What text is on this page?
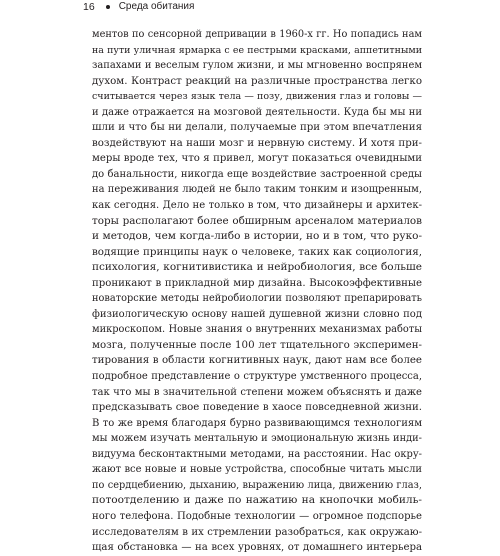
16 Среда обитания
ментов по сенсорной депривации в 1960-х гг. Но попадись нам
на пути уличная ярмарка с ее пестрыми красками, аппетитными
запахами и веселым гулом жизни, и мы мгновенно воспрянем
духом. Контраст реакций на различные пространства легко
считывается через язык тела — позу, движения глаз и головы —
и даже отражается на мозговой деятельности. Куда бы мы ни
шли и что бы ни делали, получаемые при этом впечатления
воздействуют на наши мозг и нервную систему. И хотя при-
меры вроде тех, что я привел, могут показаться очевидными
до банальности, никогда еще воздействие застроенной среды
на переживания людей не было таким тонким и изощренным,
как сегодня. Дело не только в том, что дизайнеры и архитек-
торы располагают более обширным арсеналом материалов
и методов, чем когда-либо в истории, но и в том, что руко-
водящие принципы наук о человеке, таких как социология,
психология, когнитивистика и нейробиология, все больше
проникают в прикладной мир дизайна. Высокоэффективные
новаторские методы нейробиологии позволяют препарировать
физиологическую основу нашей душевной жизни словно под
микроскопом. Новые знания о внутренних механизмах работы
мозга, полученные после 100 лет тщательного эксперимен-
тирования в области когнитивных наук, дают нам все более
подробное представление о структуре умственного процесса,
так что мы в значительной степени можем объяснять и даже
предсказывать свое поведение в хаосе повседневной жизни.
В то же время благодаря бурно развивающимся технологиям
мы можем изучать ментальную и эмоциональную жизнь инди-
видуума бесконтактными методами, на расстоянии. Нас окру-
жают все новые и новые устройства, способные читать мысли
по сердцебиению, дыханию, выражению лица, движению глаз,
потоотделению и даже по нажатию на кнопочки мобиль-
ного телефона. Подобные технологии — огромное подспорье
исследователям в их стремлении разобраться, как окружаю-
щая обстановка — на всех уровнях, от домашнего интерьера
